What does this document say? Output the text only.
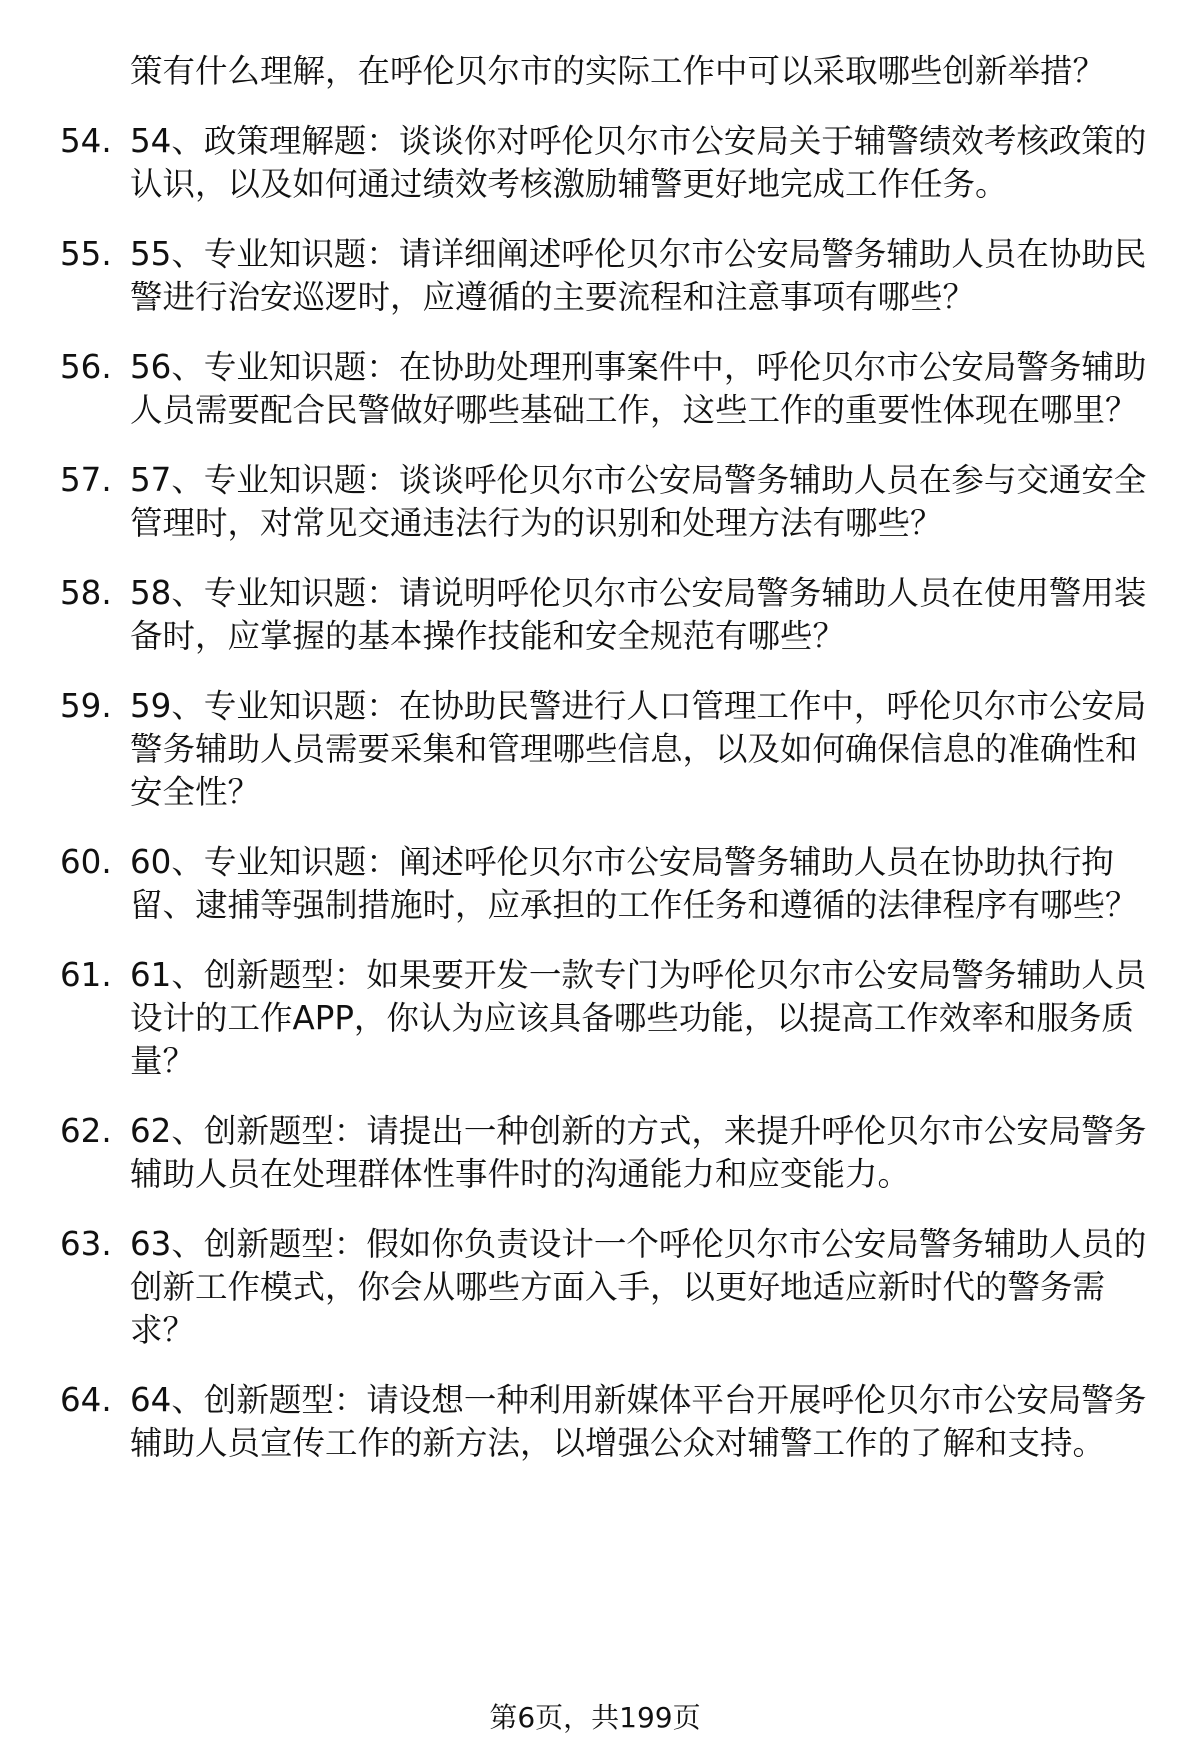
策有什么理解，在呼伦贝尔市的实际工作中可以采取哪些创新举措？
54. 54、政策理解题：谈谈你对呼伦贝尔市公安局关于辅警绩效考核政策的认识，以及如何通过绩效考核激励辅警更好地完成工作任务。
55. 55、专业知识题：请详细阐述呼伦贝尔市公安局警务辅助人员在协助民警进行治安巡逻时，应遵循的主要流程和注意事项有哪些？
56. 56、专业知识题：在协助处理刑事案件中，呼伦贝尔市公安局警务辅助人员需要配合民警做好哪些基础工作，这些工作的重要性体现在哪里？
57. 57、专业知识题：谈谈呼伦贝尔市公安局警务辅助人员在参与交通安全管理时，对常见交通违法行为的识别和处理方法有哪些？
58. 58、专业知识题：请说明呼伦贝尔市公安局警务辅助人员在使用警用装备时，应掌握的基本操作技能和安全规范有哪些？
59. 59、专业知识题：在协助民警进行人口管理工作中，呼伦贝尔市公安局警务辅助人员需要采集和管理哪些信息，以及如何确保信息的准确性和安全性？
60. 60、专业知识题：阐述呼伦贝尔市公安局警务辅助人员在协助执行拘留、逮捕等强制措施时，应承担的工作任务和遵循的法律程序有哪些？
61. 61、创新题型：如果要开发一款专门为呼伦贝尔市公安局警务辅助人员设计的工作APP，你认为应该具备哪些功能，以提高工作效率和服务质量？
62. 62、创新题型：请提出一种创新的方式，来提升呼伦贝尔市公安局警务辅助人员在处理群体性事件时的沟通能力和应变能力。
63. 63、创新题型：假如你负责设计一个呼伦贝尔市公安局警务辅助人员的创新工作模式，你会从哪些方面入手，以更好地适应新时代的警务需求？
64. 64、创新题型：请设想一种利用新媒体平台开展呼伦贝尔市公安局警务辅助人员宣传工作的新方法，以增强公众对辅警工作的了解和支持。
第6页，共199页
